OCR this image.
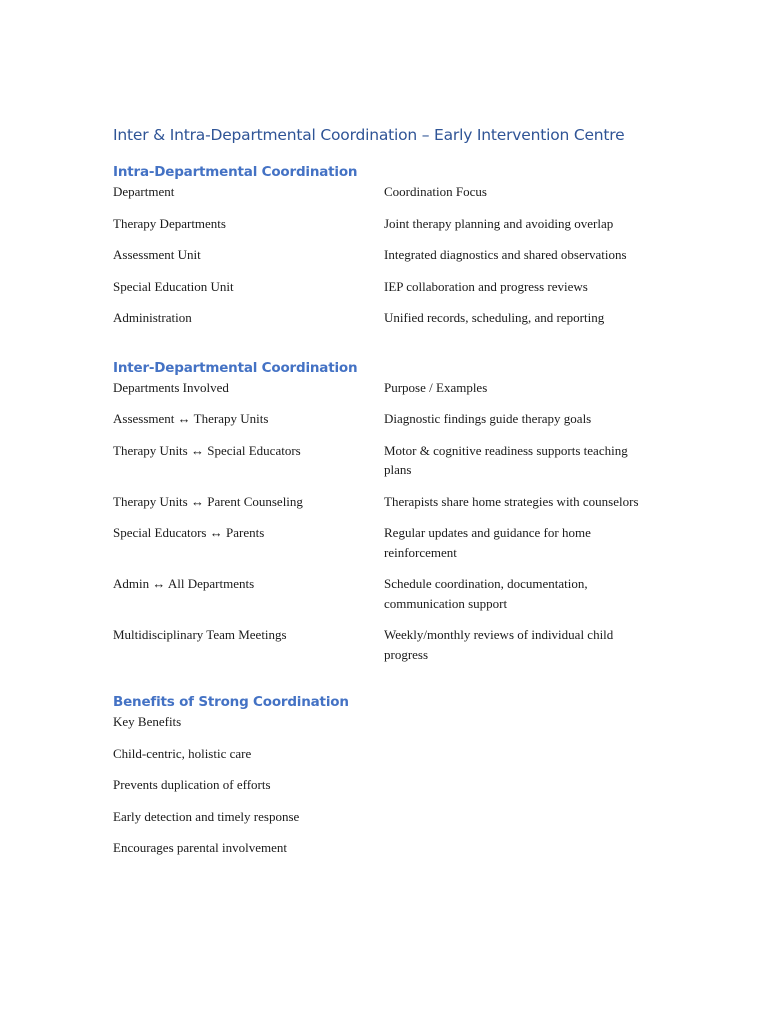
Inter & Intra-Departmental Coordination – Early Intervention Centre
Intra-Departmental Coordination
Department	Coordination Focus
Therapy Departments	Joint therapy planning and avoiding overlap
Assessment Unit	Integrated diagnostics and shared observations
Special Education Unit	IEP collaboration and progress reviews
Administration	Unified records, scheduling, and reporting
Inter-Departmental Coordination
Departments Involved	Purpose / Examples
Assessment ↔ Therapy Units	Diagnostic findings guide therapy goals
Therapy Units ↔ Special Educators	Motor & cognitive readiness supports teaching plans
Therapy Units ↔ Parent Counseling	Therapists share home strategies with counselors
Special Educators ↔ Parents	Regular updates and guidance for home reinforcement
Admin ↔ All Departments	Schedule coordination, documentation, communication support
Multidisciplinary Team Meetings	Weekly/monthly reviews of individual child progress
Benefits of Strong Coordination
Key Benefits
Child-centric, holistic care
Prevents duplication of efforts
Early detection and timely response
Encourages parental involvement
